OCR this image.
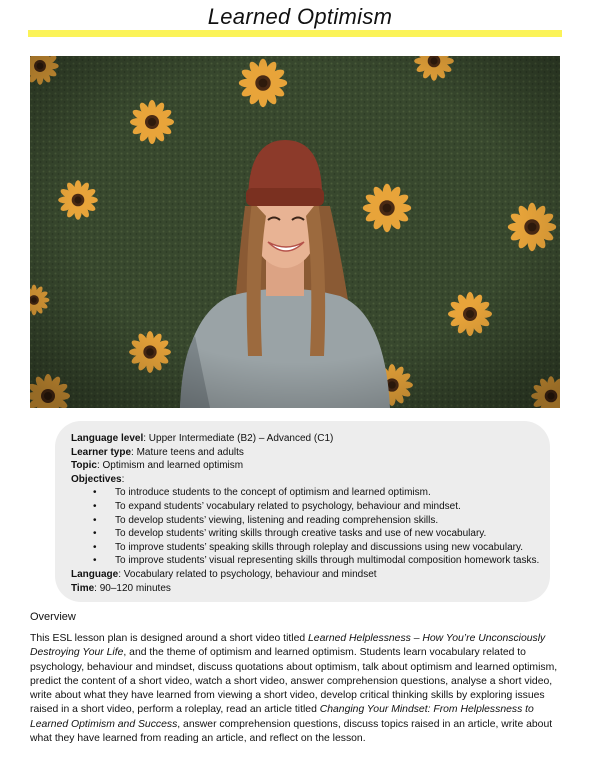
Learned Optimism
Language level: Upper Intermediate (B2) – Advanced (C1)
Learner type: Mature teens and adults
Topic: Optimism and learned optimism
Objectives:
• To introduce students to the concept of optimism and learned optimism.
• To expand students’ vocabulary related to psychology, behaviour and mindset.
• To develop students’ viewing, listening and reading comprehension skills.
• To develop students’ writing skills through creative tasks and use of new vocabulary.
• To improve students’ speaking skills through roleplay and discussions using new vocabulary.
• To improve students’ visual representing skills through multimodal composition homework tasks.
Language: Vocabulary related to psychology, behaviour and mindset
Time: 90–120 minutes
Overview
This ESL lesson plan is designed around a short video titled Learned Helplessness – How You’re Unconsciously Destroying Your Life, and the theme of optimism and learned optimism. Students learn vocabulary related to psychology, behaviour and mindset, discuss quotations about optimism, talk about optimism and learned optimism, predict the content of a short video, watch a short video, answer comprehension questions, analyse a short video, write about what they have learned from viewing a short video, develop critical thinking skills by exploring issues raised in a short video, perform a roleplay, read an article titled Changing Your Mindset: From Helplessness to Learned Optimism and Success, answer comprehension questions, discuss topics raised in an article, write about what they have learned from reading an article, and reflect on the lesson.
